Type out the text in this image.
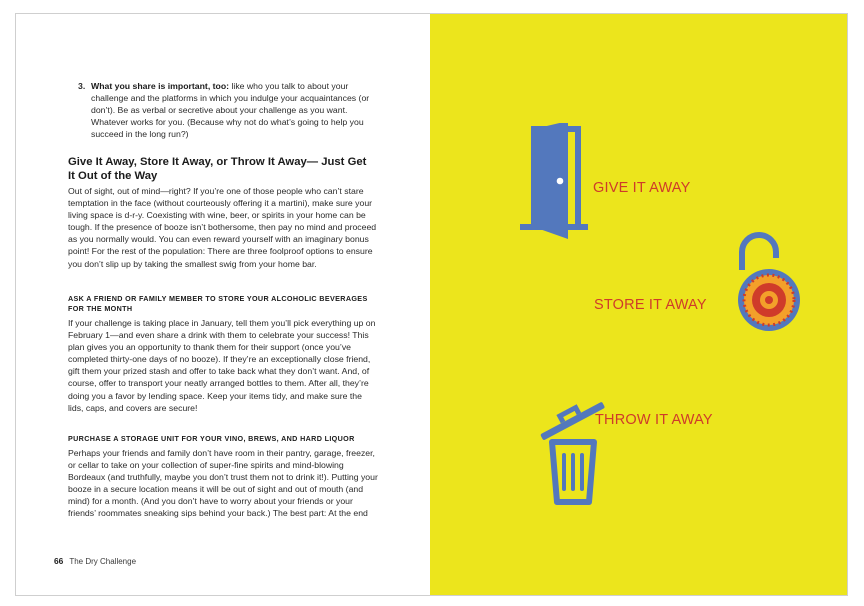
3. What you share is important, too: like who you talk to about your challenge and the platforms in which you indulge your acquaintances (or don’t). Be as verbal or secretive about your challenge as you want. Whatever works for you. (Because why not do what’s going to help you succeed in the long run?)

Give It Away, Store It Away, or Throw It Away— Just Get It Out of the Way

Out of sight, out of mind—right? If you’re one of those people who can’t stare temptation in the face (without courteously offering it a martini), make sure your living space is d-r-y. Coexisting with wine, beer, or spirits in your home can be tough. If the presence of booze isn’t bothersome, then pay no mind and proceed as you normally would. You can even reward yourself with an imaginary bonus point! For the rest of the population: There are three foolproof options to ensure you don’t slip up by taking the smallest swig from your home bar.

ASK A FRIEND OR FAMILY MEMBER TO STORE YOUR ALCOHOLIC BEVERAGES FOR THE MONTH

If your challenge is taking place in January, tell them you’ll pick everything up on February 1—and even share a drink with them to celebrate your success! This plan gives you an opportunity to thank them for their support (once you’ve completed thirty-one days of no booze). If they’re an exceptionally close friend, gift them your prized stash and offer to take back what they don’t want. And, of course, offer to transport your neatly arranged bottles to them. After all, they’re doing you a favor by lending space. Keep your items tidy, and make sure the lids, caps, and covers are secure!

PURCHASE A STORAGE UNIT FOR YOUR VINO, BREWS, AND HARD LIQUOR

Perhaps your friends and family don’t have room in their pantry, garage, freezer, or cellar to take on your collection of super-fine spirits and mind-blowing Bordeaux (and truthfully, maybe you don’t trust them not to drink it!). Putting your booze in a secure location means it will be out of sight and out of mouth (and mind) for a month. (And you don’t have to worry about your friends or your friends’ roommates sneaking sips behind your back.) The best part: At the end

66 The Dry Challenge
GIVE IT AWAY
STORE IT AWAY
THROW IT AWAY
